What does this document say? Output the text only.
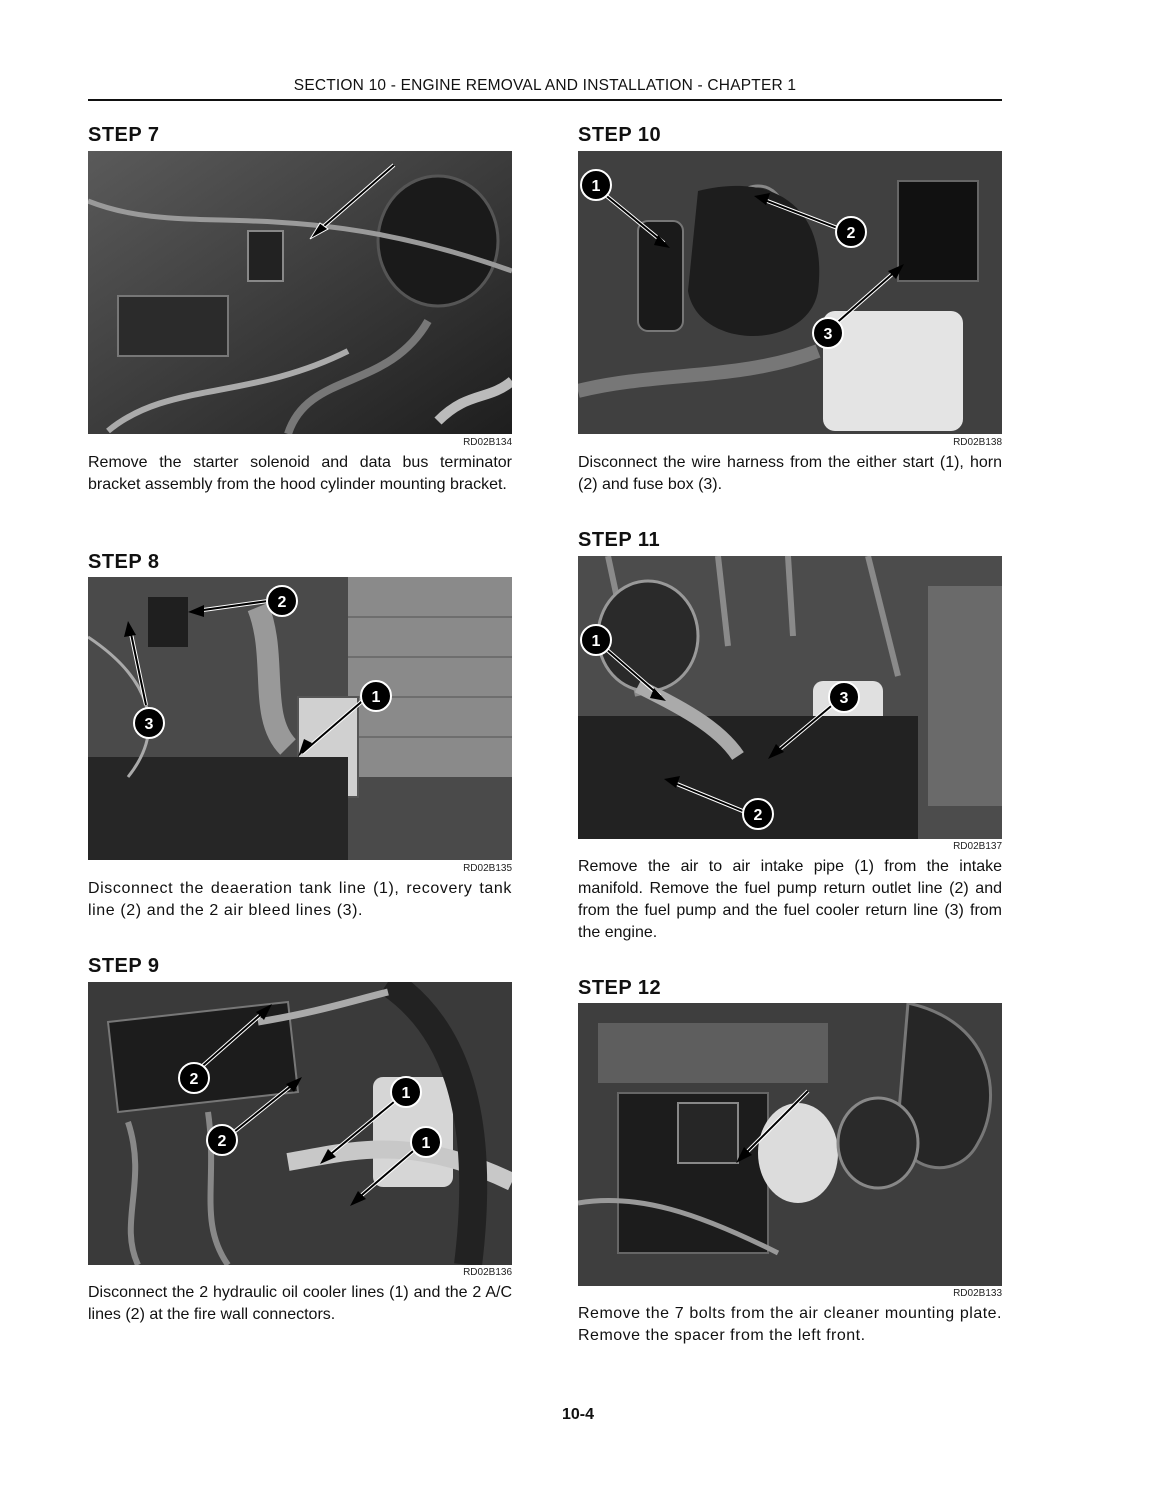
SECTION 10 - ENGINE REMOVAL AND INSTALLATION - CHAPTER 1
STEP 7
RD02B134
Remove the starter solenoid and data bus terminator bracket assembly from the hood cylinder mounting bracket.
STEP 8
1
2
3
RD02B135
Disconnect the deaeration tank line (1), recovery tank line (2) and the 2 air bleed lines (3).
STEP 9
1
1
2
2
RD02B136
Disconnect the 2 hydraulic oil cooler lines (1) and the 2 A/C lines (2) at the fire wall connectors.
STEP 10
1
2
3
RD02B138
Disconnect the wire harness from the either start (1), horn (2) and fuse box (3).
STEP 11
1
2
3
RD02B137
Remove the air to air intake pipe (1) from the intake manifold. Remove the fuel pump return outlet line (2) and from the fuel pump and the fuel cooler return line (3) from the engine.
STEP 12
RD02B133
Remove the 7 bolts from the air cleaner mounting plate. Remove the spacer from the left front.
10-4
